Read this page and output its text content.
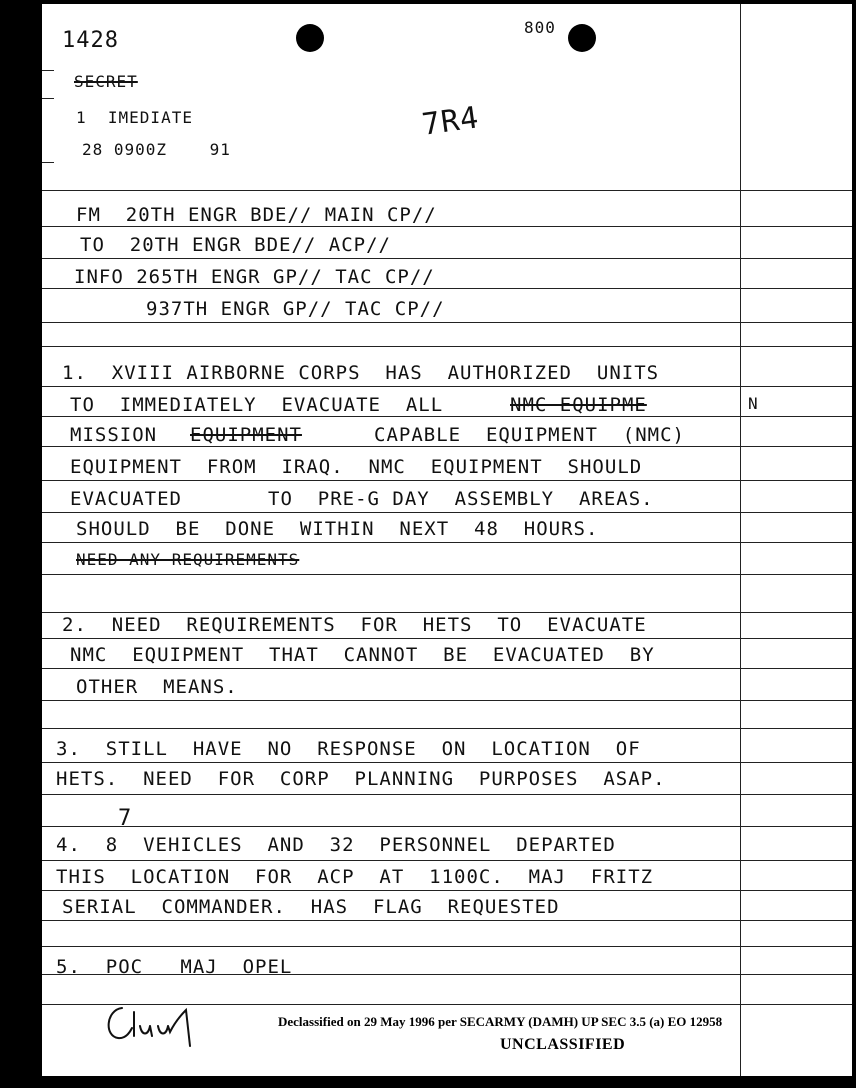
1428
800
SECRET
1  IMEDIATE
28 0900Z    91
7R4
FM  20TH ENGR BDE// MAIN CP//
TO  20TH ENGR BDE// ACP//
INFO 265TH ENGR GP// TAC CP//
937TH ENGR GP// TAC CP//
1.  XVIII AIRBORNE CORPS  HAS  AUTHORIZED  UNITS
TO  IMMEDIATELY  EVACUATE  ALL	NMC EQUIPME	N
MISSION EQUIPMENT	CAPABLE  EQUIPMENT  (NMC)
EQUIPMENT  FROM  IRAQ.  NMC  EQUIPMENT  SHOULD
EVACUATED	TO  PRE-G DAY  ASSEMBLY  AREAS.
SHOULD  BE  DONE  WITHIN  NEXT  48  HOURS.
NEED ANY REQUIREMENTS
2.  NEED  REQUIREMENTS  FOR  HETS  TO  EVACUATE
NMC  EQUIPMENT  THAT  CANNOT  BE  EVACUATED  BY
OTHER  MEANS.
3.  STILL  HAVE  NO  RESPONSE  ON  LOCATION  OF
HETS.  NEED  FOR  CORP  PLANNING  PURPOSES  ASAP.
7
4.  8  VEHICLES  AND  32  PERSONNEL  DEPARTED
THIS  LOCATION  FOR  ACP  AT  1100C.  MAJ  FRITZ
SERIAL  COMMANDER.  HAS  FLAG  REQUESTED
5.  POC   MAJ  OPEL
Declassified on 29 May 1996 per SECARMY (DAMH) UP SEC 3.5 (a) EO 12958
UNCLASSIFIED
